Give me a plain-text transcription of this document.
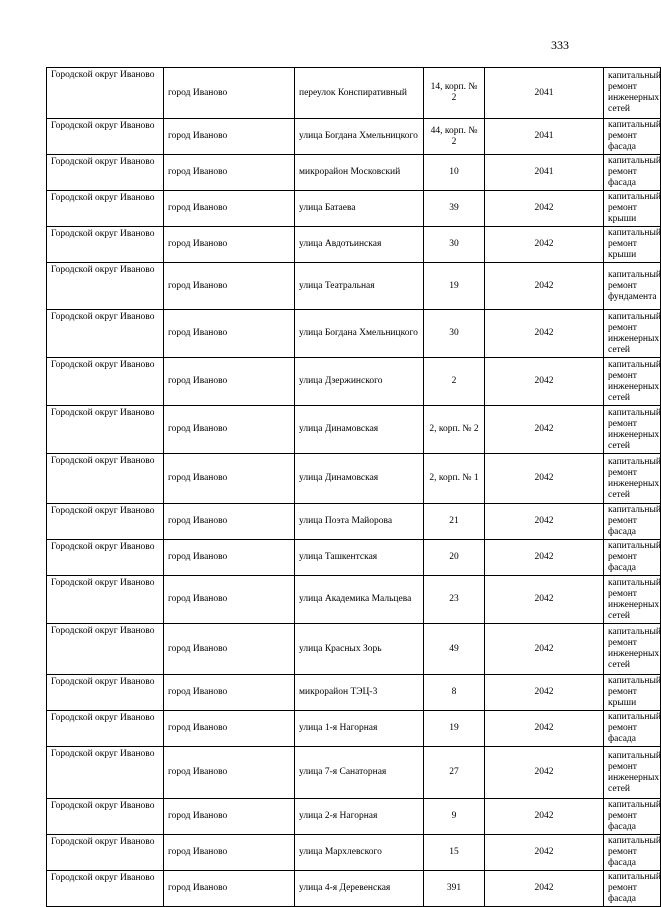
333
Городской округ Иваново	город Иваново	переулок Конспиративный	14, корп. № 2	2041	капитальный ремонт инженерных сетей

Городской округ Иваново	город Иваново	улица Богдана Хмельницкого	44, корп. № 2	2041	капитальный ремонт фасада

Городской округ Иваново	город Иваново	микрорайон Московский	10	2041	капитальный ремонт фасада

Городской округ Иваново	город Иваново	улица Батаева	39	2042	капитальный ремонт крыши

Городской округ Иваново	город Иваново	улица Авдотьинская	30	2042	капитальный ремонт крыши

Городской округ Иваново	город Иваново	улица Театральная	19	2042	капитальный ремонт фундамента

Городской округ Иваново	город Иваново	улица Богдана Хмельницкого	30	2042	капитальный ремонт инженерных сетей

Городской округ Иваново	город Иваново	улица Дзержинского	2	2042	капитальный ремонт инженерных сетей

Городской округ Иваново	город Иваново	улица Динамовская	2, корп. № 2	2042	капитальный ремонт инженерных сетей

Городской округ Иваново	город Иваново	улица Динамовская	2, корп. № 1	2042	капитальный ремонт инженерных сетей

Городской округ Иваново	город Иваново	улица Поэта Майорова	21	2042	капитальный ремонт фасада

Городской округ Иваново	город Иваново	улица Ташкентская	20	2042	капитальный ремонт фасада

Городской округ Иваново	город Иваново	улица Академика Мальцева	23	2042	капитальный ремонт инженерных сетей

Городской округ Иваново	город Иваново	улица Красных Зорь	49	2042	капитальный ремонт инженерных сетей

Городской округ Иваново	город Иваново	микрорайон ТЭЦ-3	8	2042	капитальный ремонт крыши

Городской округ Иваново	город Иваново	улица 1-я Нагорная	19	2042	капитальный ремонт фасада

Городской округ Иваново	город Иваново	улица 7-я Санаторная	27	2042	капитальный ремонт инженерных сетей

Городской округ Иваново	город Иваново	улица 2-я Нагорная	9	2042	капитальный ремонт фасада

Городской округ Иваново	город Иваново	улица Мархлевского	15	2042	капитальный ремонт фасада

Городской округ Иваново	город Иваново	улица 4-я Деревенская	391	2042	капитальный ремонт фасада
